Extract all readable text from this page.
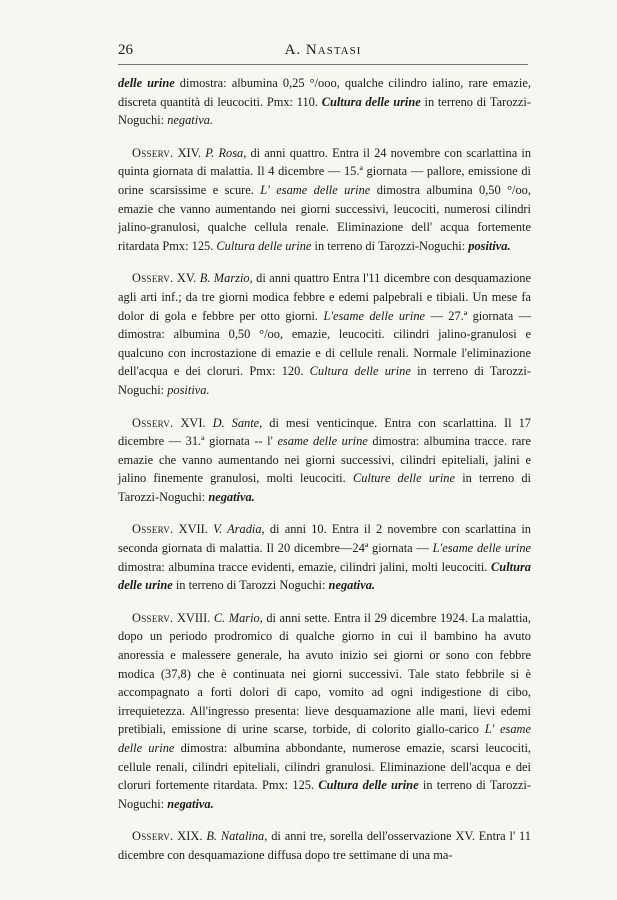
26	A. Nastasi

delle urine dimostra: albumina 0,25 °/ooo, qualche cilindro ialino, rare emazie, discreta quantità di leucociti. Pmx: 110. Cultura delle urine in terreno di Tarozzi-Noguchi: negativa.

Osserv. XIV. P. Rosa, di anni quattro. Entra il 24 novembre con scarlattina in quinta giornata di malattia. Il 4 dicembre — 15.ª giornata — pallore, emissione di orine scarsissime e scure. L' esame delle urine dimostra albumina 0,50 °/oo, emazie che vanno aumentando nei giorni successivi, leucociti, numerosi cilindri jalino-granulosi, qualche cellula renale. Eliminazione dell' acqua fortemente ritardata Pmx: 125. Cultura delle urine in terreno di Tarozzi-Noguchi: positiva.

Osserv. XV. B. Marzio, di anni quattro Entra l'11 dicembre con desquamazione agli arti inf.; da tre giorni modica febbre e edemi palpebrali e tibiali. Un mese fa dolor di gola e febbre per otto giorni. L'esame delle urine — 27.ª giornata — dimostra: albumina 0,50 °/oo, emazie, leucociti. cilindri jalino-granulosi e qualcuno con incrostazione di emazie e di cellule renali. Normale l'eliminazione dell'acqua e dei cloruri. Pmx: 120. Cultura delle urine in terreno di Tarozzi-Noguchi: positiva.

Osserv. XVI. D. Sante, di mesi venticinque. Entra con scarlattina. Il 17 dicembre — 31.ª giornata -- l' esame delle urine dimostra: albumina tracce. rare emazie che vanno aumentando nei giorni successivi, cilindri epiteliali, jalini e jalino finemente granulosi, molti leucociti. Culture delle urine in terreno di Tarozzi-Noguchi: negativa.

Osserv. XVII. V. Aradia, di anni 10. Entra il 2 novembre con scarlattina in seconda giornata di malattia. Il 20 dicembre—24ª giornata — L'esame delle urine dimostra: albumina tracce evidenti, emazie, cilindri jalini, molti leucociti. Cultura delle urine in terreno di Tarozzi Noguchi: negativa.

Osserv. XVIII. C. Mario, di anni sette. Entra il 29 dicembre 1924. La malattia, dopo un periodo prodromico di qualche giorno in cui il bambino ha avuto anoressia e malessere generale, ha avuto inizio sei giorni or sono con febbre modica (37,8) che è continuata nei giorni successivi. Tale stato febbrile si è accompagnato a forti dolori di capo, vomito ad ogni indigestione di cibo, irrequietezza. All'ingresso presenta: lieve desquamazione alle mani, lievi edemi pretibiali, emissione di urine scarse, torbide, di colorito giallo-carico L' esame delle urine dimostra: albumina abbondante, numerose emazie, scarsi leucociti, cellule renali, cilindri epiteliali, cilindri granulosi. Eliminazione dell'acqua e dei cloruri fortemente ritardata. Pmx: 125. Cultura delle urine in terreno di Tarozzi-Noguchi: negativa.

Osserv. XIX. B. Natalina, di anni tre, sorella dell'osservazione XV. Entra l' 11 dicembre con desquamazione diffusa dopo tre settimane di una ma-
